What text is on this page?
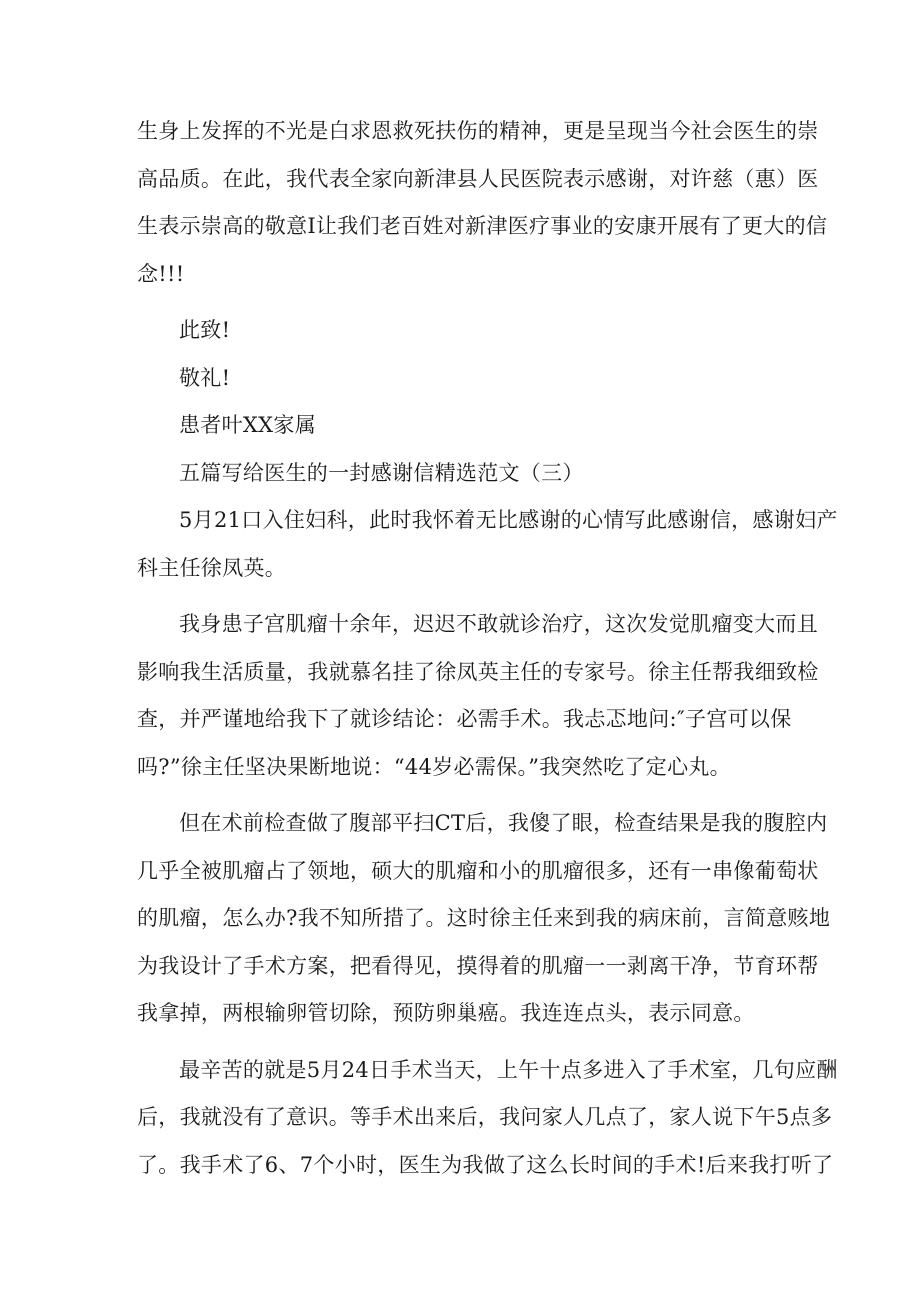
生身上发挥的不光是白求恩救死扶伤的精神，更是呈现当今社会医生的崇
高品质。在此，我代表全家向新津县人民医院表示感谢，对许慈（惠）医
生表示崇高的敬意I让我们老百姓对新津医疗事业的安康开展有了更大的信
念!!!
此致!
敬礼!
患者叶XX家属
五篇写给医生的一封感谢信精选范文（三）
5月21口入住妇科，此时我怀着无比感谢的心情写此感谢信，感谢妇产
科主任徐凤英。
我身患子宫肌瘤十余年，迟迟不敢就诊治疗，这次发觉肌瘤变大而且
影响我生活质量，我就慕名挂了徐凤英主任的专家号。徐主任帮我细致检
查，并严谨地给我下了就诊结论：必需手术。我忐忑地问:″子宫可以保
吗?”徐主任坚决果断地说：“44岁必需保。”我突然吃了定心丸。
但在术前检查做了腹部平扫CT后，我傻了眼，检查结果是我的腹腔内
几乎全被肌瘤占了领地，硕大的肌瘤和小的肌瘤很多，还有一串像葡萄状
的肌瘤，怎么办?我不知所措了。这时徐主任来到我的病床前，言简意赅地
为我设计了手术方案，把看得见，摸得着的肌瘤一一剥离干净，节育环帮
我拿掉，两根输卵管切除，预防卵巢癌。我连连点头，表示同意。
最辛苦的就是5月24日手术当天，上午十点多进入了手术室，几句应酬
后，我就没有了意识。等手术出来后，我问家人几点了，家人说下午5点多
了。我手术了6、7个小时，医生为我做了这么长时间的手术!后来我打听了
